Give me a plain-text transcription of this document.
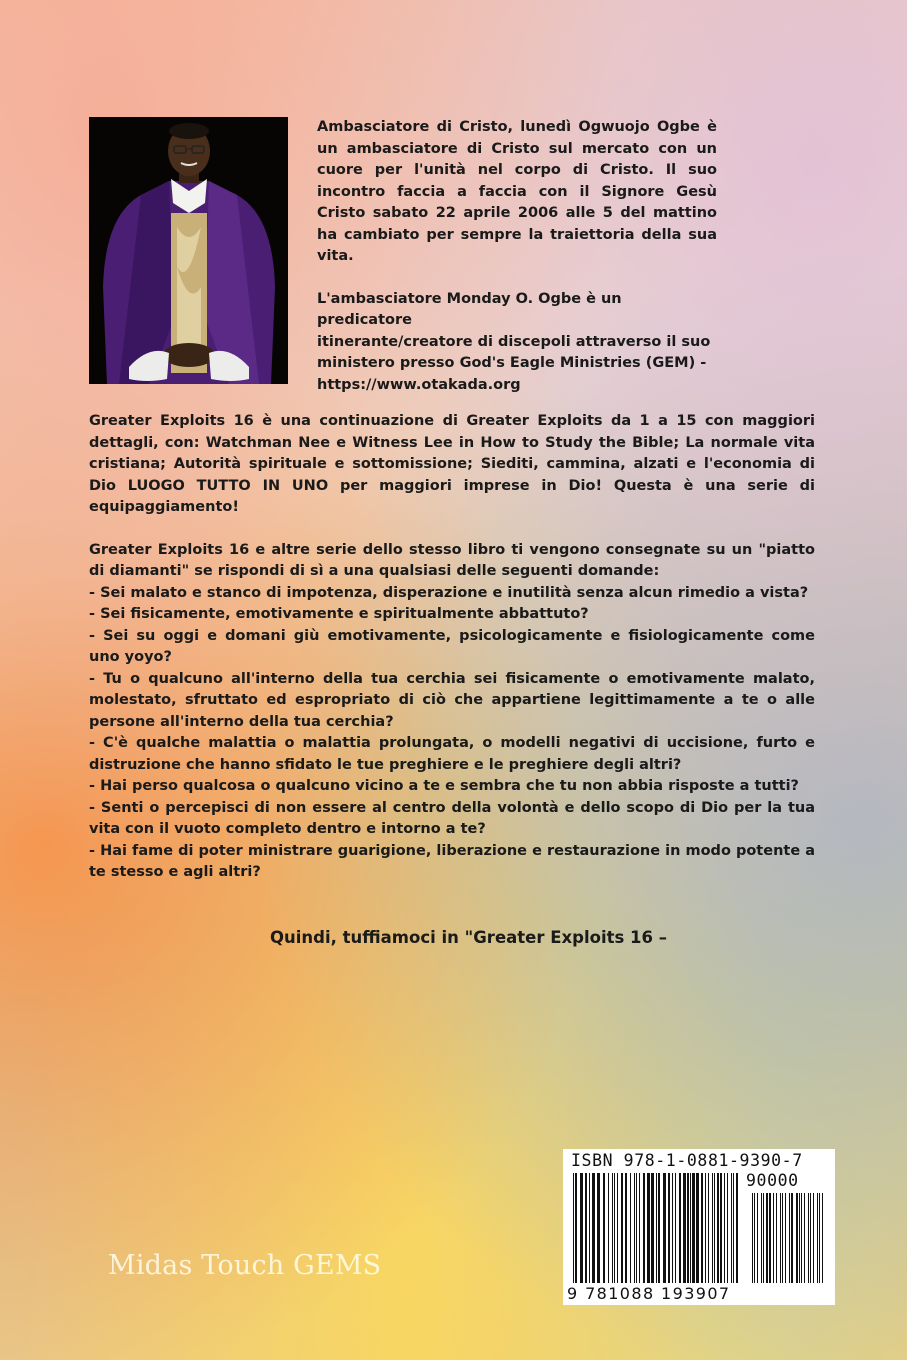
Ambasciatore di Cristo, lunedì Ogwuojo Ogbe è un ambasciatore di Cristo sul mercato con un cuore per l'unità nel corpo di Cristo. Il suo incontro faccia a faccia con il Signore Gesù Cristo sabato 22 aprile 2006 alle 5 del mattino ha cambiato per sempre la traiettoria della sua vita.

L'ambasciatore Monday O. Ogbe è un predicatore
itinerante/creatore di discepoli attraverso il suo
ministero presso God's Eagle Ministries (GEM) -
https://www.otakada.org

Greater Exploits 16 è una continuazione di Greater Exploits da 1 a 15 con maggiori dettagli, con: Watchman Nee e Witness Lee in How to Study the Bible; La normale vita cristiana; Autorità spirituale e sottomissione; Siediti, cammina, alzati e l'economia di Dio LUOGO TUTTO IN UNO per maggiori imprese in Dio! Questa è una serie di equipaggiamento!

Greater Exploits 16 e altre serie dello stesso libro ti vengono consegnate su un "piatto di diamanti" se rispondi di sì a una qualsiasi delle seguenti domande:

- Sei malato e stanco di impotenza, disperazione e inutilità senza alcun rimedio a vista?

- Sei fisicamente, emotivamente e spiritualmente abbattuto?

- Sei su oggi e domani giù emotivamente, psicologicamente e fisiologicamente come uno yoyo?

- Tu o qualcuno all'interno della tua cerchia sei fisicamente o emotivamente malato, molestato, sfruttato ed espropriato di ciò che appartiene legittimamente a te o alle persone all'interno della tua cerchia?

- C'è qualche malattia o malattia prolungata, o modelli negativi di uccisione, furto e distruzione che hanno sfidato le tue preghiere e le preghiere degli altri?

- Hai perso qualcosa o qualcuno vicino a te e sembra che tu non abbia risposte a tutti?

- Senti o percepisci di non essere al centro della volontà e dello scopo di Dio per la tua vita con il vuoto completo dentro e intorno a te?

- Hai fame di poter ministrare guarigione, liberazione e restaurazione in modo potente a te stesso e agli altri?

Quindi, tuffiamoci in "Greater Exploits 16 –
Midas Touch GEMS
ISBN 978-1-0881-9390-7
90000
9 781088 193907
